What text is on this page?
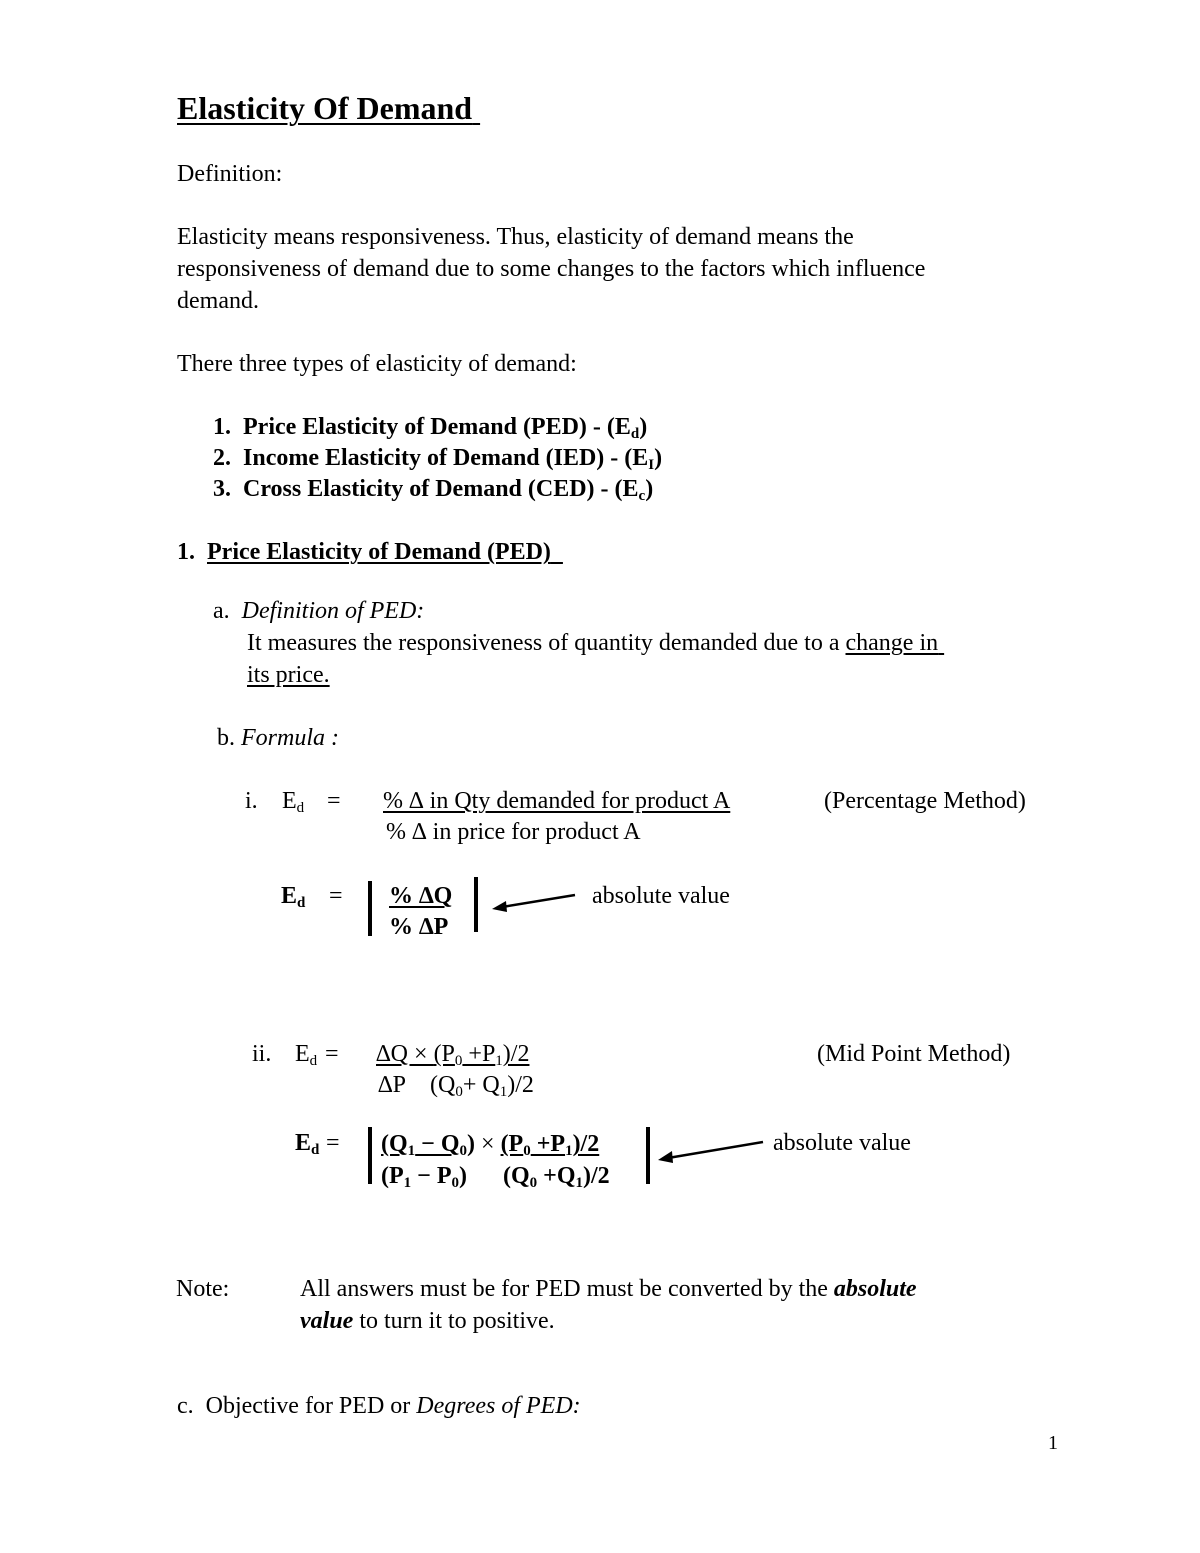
Elasticity Of Demand
Definition:
Elasticity means responsiveness. Thus, elasticity of demand means the
responsiveness of demand due to some changes to the factors which influence
demand.
There three types of elasticity of demand:
1. Price Elasticity of Demand $(PED) - (E_d)$
2. Income Elasticity of Demand $(IED) - (E_I)$
3. Cross Elasticity of Demand $(CED) - (E_c)$
1. Price Elasticity of Demand (PED)
a. Definition of PED:
It measures the responsiveness of quantity demanded due to a change in
its price.
b. Formula :
i. $E_d$ = % ∆ in Qty demanded for product A
% ∆ in price for product A
(Percentage Method)
$E_d$ = % ∆Q
% ∆P
absolute value
ii. $E_d = \Delta Q \times (P_0 +P_1)/2$
∆P $(Q_0+ Q_1)/2$
(Mid Point Method)
$E_d = (Q_1 - Q_0) \times (P_0 +P_1)/2$
$(P_1 - P_0)$ $(Q_0 +Q_1)/2$
absolute value
Note:	All answers must be for PED must be converted by the absolute
value to turn it to positive.
c. Objective for PED or Degrees of PED:
1
